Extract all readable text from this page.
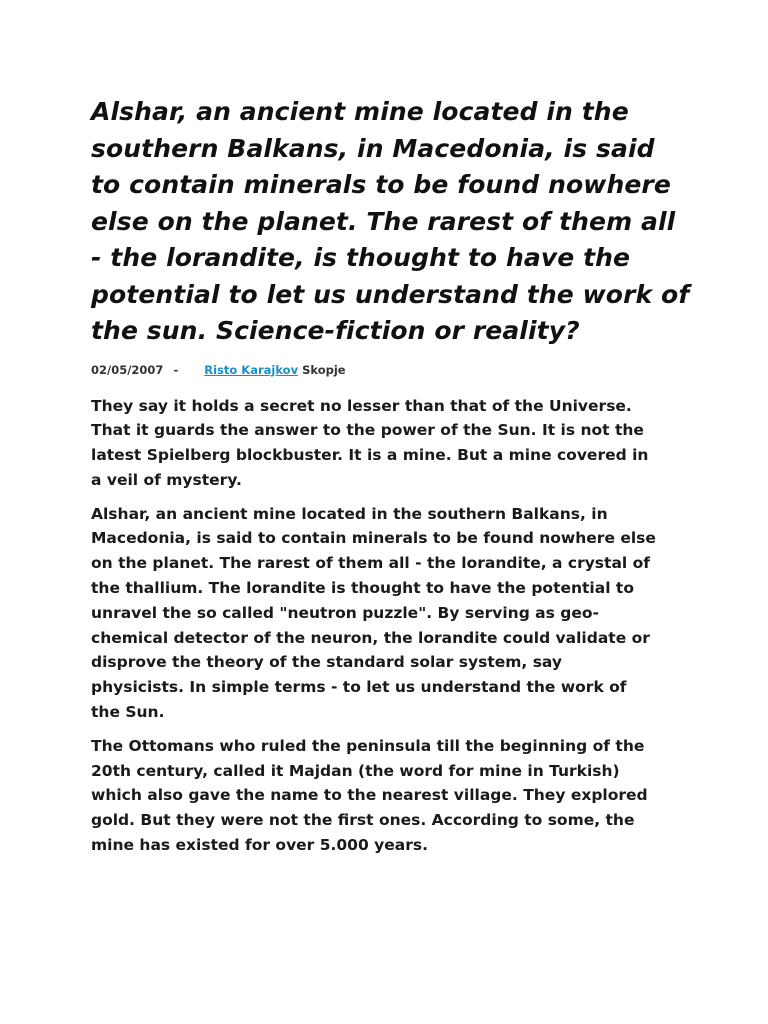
Alshar, an ancient mine located in the southern Balkans, in Macedonia, is said to contain minerals to be found nowhere else on the planet. The rarest of them all - the lorandite, is thought to have the potential to let us understand the work of the sun. Science-fiction or reality?
02/05/2007 - Risto Karajkov Skopje

They say it holds a secret no lesser than that of the Universe. That it guards the answer to the power of the Sun. It is not the latest Spielberg blockbuster. It is a mine. But a mine covered in a veil of mystery.

Alshar, an ancient mine located in the southern Balkans, in Macedonia, is said to contain minerals to be found nowhere else on the planet. The rarest of them all - the lorandite, a crystal of the thallium. The lorandite is thought to have the potential to unravel the so called "neutron puzzle". By serving as geo-chemical detector of the neuron, the lorandite could validate or disprove the theory of the standard solar system, say physicists. In simple terms - to let us understand the work of the Sun.

The Ottomans who ruled the peninsula till the beginning of the 20th century, called it Majdan (the word for mine in Turkish) which also gave the name to the nearest village. They explored gold. But they were not the first ones. According to some, the mine has existed for over 5.000 years.
